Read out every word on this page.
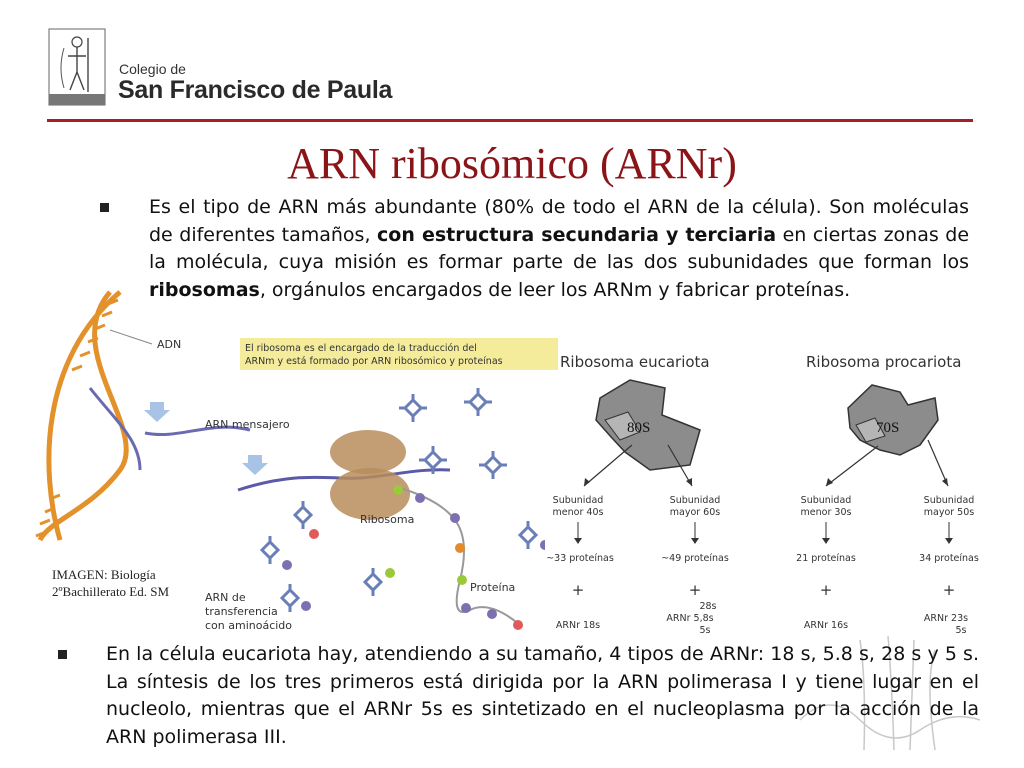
Colegio de
San Francisco de Paula
ARN ribosómico (ARNr)
Es el tipo de ARN más abundante (80% de todo el ARN de la célula). Son moléculas de diferentes tamaños, con estructura secundaria y terciaria en ciertas zonas de la molécula, cuya misión es formar parte de las dos subunidades que forman los ribosomas, orgánulos encargados de leer los ARNm y fabricar proteínas.
ADN	El ribosoma es el encargado de la traducción del
ARNm y está formado por ARN ribosómico y proteínas
ARN mensajero
Ribosoma
Proteína
ARN de
transferencia
con aminoácido
Ribosoma eucariota
80S
Subunidad
menor 40s
Subunidad
mayor 60s
~33 proteínas	~49 proteínas
+	+
ARNr 18s
28s
ARNr 5,8s
5s
Ribosoma procariota
70S
Subunidad
menor 30s
Subunidad
mayor 50s
21 proteínas	34 proteínas
+	+
ARNr 16s
ARNr 23s
5s
IMAGEN: Biología
2ºBachillerato Ed. SM
En la célula eucariota hay, atendiendo a su tamaño, 4 tipos de ARNr: 18 s, 5.8 s, 28 s y 5 s. La síntesis de los tres primeros está dirigida por la ARN polimerasa I y tiene lugar en el nucleolo, mientras que el ARNr 5s es sintetizado en el nucleoplasma por la acción de la ARN polimerasa III.
